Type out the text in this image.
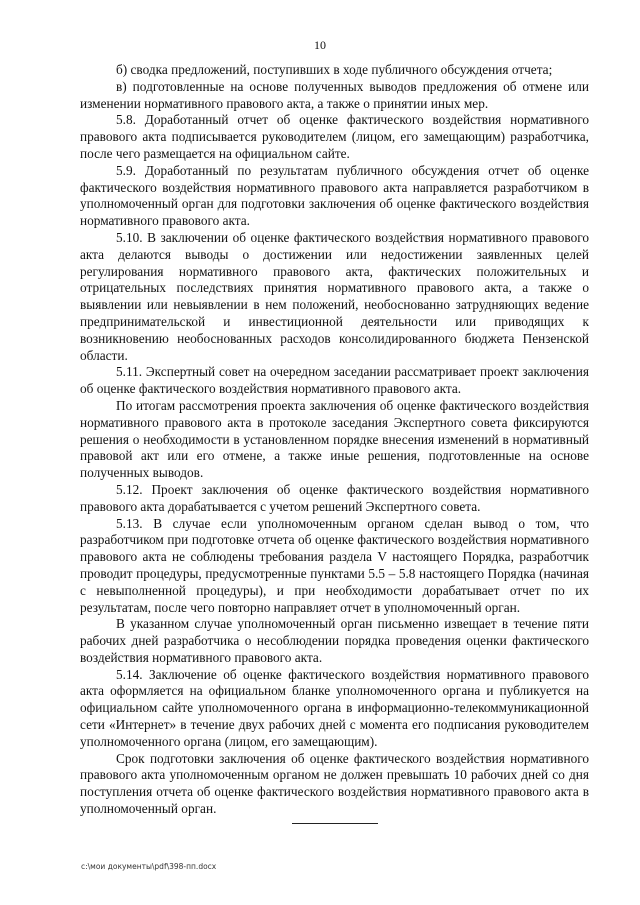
10

б) сводка предложений, поступивших в ходе публичного обсуждения отчета;

в) подготовленные на основе полученных выводов предложения об отмене или изменении нормативного правового акта, а также о принятии иных мер.

5.8. Доработанный отчет об оценке фактического воздействия нормативного правового акта подписывается руководителем (лицом, его замещающим) разработчика, после чего размещается на официальном сайте.

5.9. Доработанный по результатам публичного обсуждения отчет об оценке фактического воздействия нормативного правового акта направляется разработчиком в уполномоченный орган для подготовки заключения об оценке фактического воздействия нормативного правового акта.

5.10. В заключении об оценке фактического воздействия нормативного правового акта делаются выводы о достижении или недостижении заявленных целей регулирования нормативного правового акта, фактических положительных и отрицательных последствиях принятия нормативного правового акта, а также о выявлении или невыявлении в нем положений, необоснованно затрудняющих ведение предпринимательской и инвестиционной деятельности или приводящих к возникновению необоснованных расходов консолидированного бюджета Пензенской области.

5.11. Экспертный совет на очередном заседании рассматривает проект заключения об оценке фактического воздействия нормативного правового акта.

По итогам рассмотрения проекта заключения об оценке фактического воздействия нормативного правового акта в протоколе заседания Экспертного совета фиксируются решения о необходимости в установленном порядке внесения изменений в нормативный правовой акт или его отмене, а также иные решения, подготовленные на основе полученных выводов.

5.12. Проект заключения об оценке фактического воздействия нормативного правового акта дорабатывается с учетом решений Экспертного совета.

5.13. В случае если уполномоченным органом сделан вывод о том, что разработчиком при подготовке отчета об оценке фактического воздействия нормативного правового акта не соблюдены требования раздела V настоящего Порядка, разработчик проводит процедуры, предусмотренные пунктами 5.5 – 5.8 настоящего Порядка (начиная с невыполненной процедуры), и при необходимости дорабатывает отчет по их результатам, после чего повторно направляет отчет в уполномоченный орган.

В указанном случае уполномоченный орган письменно извещает в течение пяти рабочих дней разработчика о несоблюдении порядка проведения оценки фактического воздействия нормативного правового акта.

5.14. Заключение об оценке фактического воздействия нормативного правового акта оформляется на официальном бланке уполномоченного органа и публикуется на официальном сайте уполномоченного органа в информационно-телекоммуникационной сети «Интернет» в течение двух рабочих дней с момента его подписания руководителем уполномоченного органа (лицом, его замещающим).

Срок подготовки заключения об оценке фактического воздействия нормативного правового акта уполномоченным органом не должен превышать 10 рабочих дней со дня поступления отчета об оценке фактического воздействия нормативного правового акта в уполномоченный орган.

c:\мои документы\pdf\398-пп.docx
